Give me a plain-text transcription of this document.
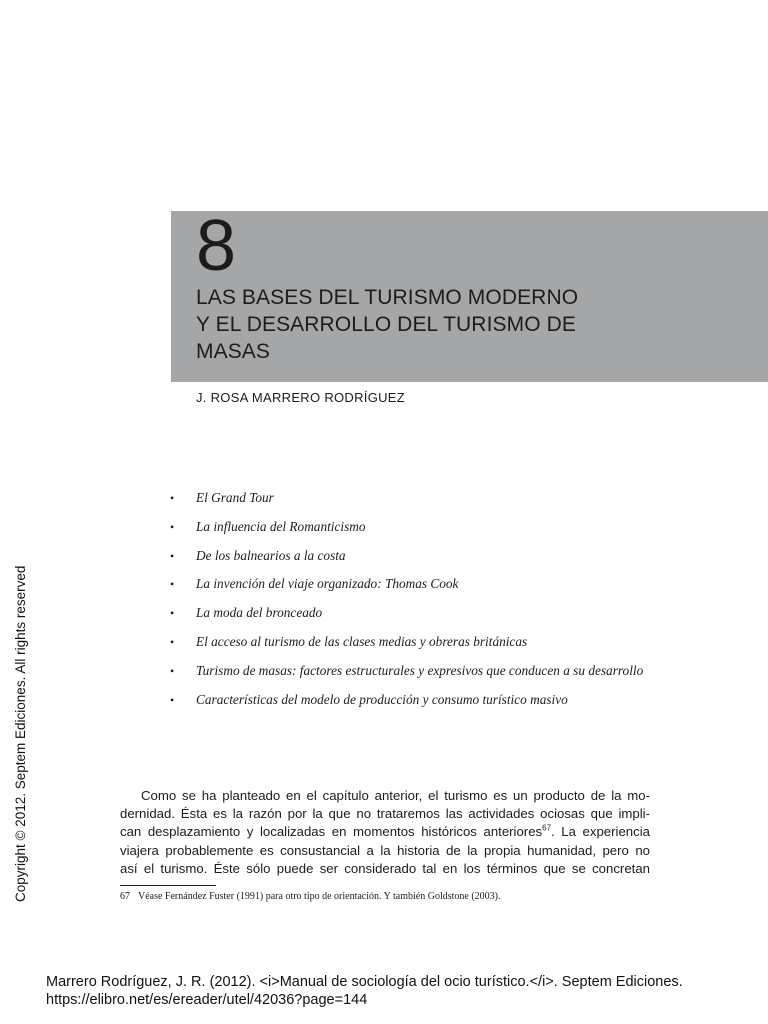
8
LAS BASES DEL TURISMO MODERNO
Y EL DESARROLLO DEL TURISMO DE
MASAS
J. ROSA MARRERO RODRÍGUEZ
• El Grand Tour
• La influencia del Romanticismo
• De los balnearios a la costa
• La invención del viaje organizado: Thomas Cook
• La moda del bronceado
• El acceso al turismo de las clases medias y obreras británicas
• Turismo de masas: factores estructurales y expresivos que conducen a su desarrollo
• Características del modelo de producción y consumo turístico masivo
Como se ha planteado en el capítulo anterior, el turismo es un producto de la mo-
dernidad. Ésta es la razón por la que no trataremos las actividades ociosas que impli-
can desplazamiento y localizadas en momentos históricos anteriores$^{67}$. La experiencia
viajera probablemente es consustancial a la historia de la propia humanidad, pero no
así el turismo. Éste sólo puede ser considerado tal en los términos que se concretan
67 Véase Fernández Fuster (1991) para otro tipo de orientación. Y también Goldstone (2003).
Copyright © 2012. Septem Ediciones. All rights reserved
Marrero Rodríguez, J. R. (2012). <i>Manual de sociología del ocio turístico.</i>. Septem Ediciones.
https://elibro.net/es/ereader/utel/42036?page=144
